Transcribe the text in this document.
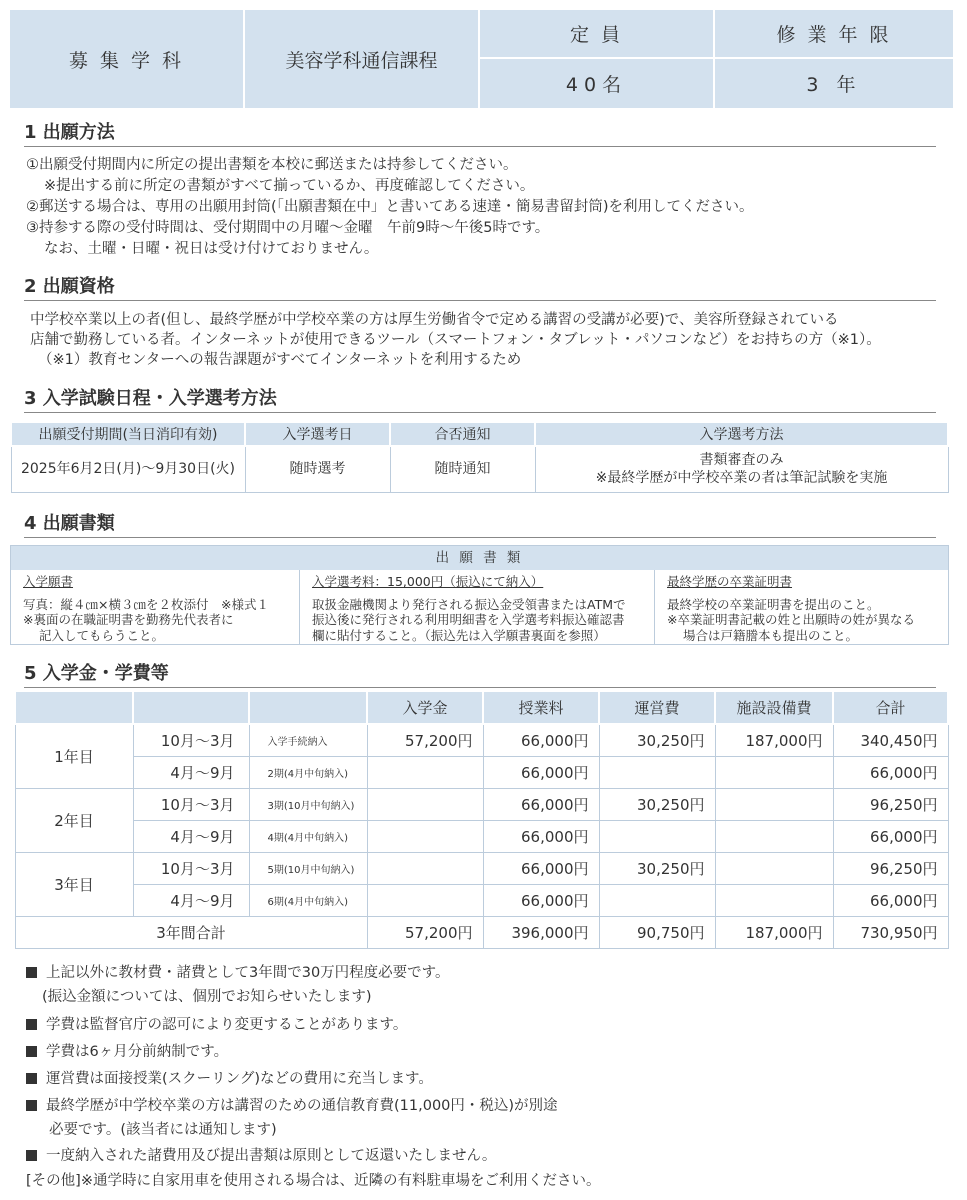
募 集 学 科	美容学科通信課程
定 員	修 業 年 限
40名	3 年
1 出願方法
①出願受付期間内に所定の提出書類を本校に郵送または持参してください。
※提出する前に所定の書類がすべて揃っているか、再度確認してください。
②郵送する場合は、専用の出願用封筒(「出願書類在中」と書いてある速達・簡易書留封筒)を利用してください。
③持参する際の受付時間は、受付期間中の月曜～金曜　午前9時～午後5時です。
なお、土曜・日曜・祝日は受け付けておりません。
2 出願資格
中学校卒業以上の者(但し、最終学歴が中学校卒業の方は厚生労働省令で定める講習の受講が必要)で、美容所登録されている
店舗で勤務している者。インターネットが使用できるツール（スマートフォン・タブレット・パソコンなど）をお持ちの方（※1）。
（※1）教育センターへの報告課題がすべてインターネットを利用するため
3 入学試験日程・入学選考方法
出願受付期間(当日消印有効)	入学選考日	合否通知	入学選考方法
2025年6月2日(月)～9月30日(火)	随時選考	随時通知	書類審査のみ
※最終学歴が中学校卒業の者は筆記試験を実施
4 出願書類
出 願 書 類
入学願書
写真：縦４㎝×横３㎝を２枚添付　※様式１
※裏面の在職証明書を勤務先代表者に

記入してもらうこと。
入学選考料：15,000円（振込にて納入）
取扱金融機関より発行される振込金受領書またはATMで
振込後に発行される利用明細書を入学選考料振込確認書
欄に貼付すること。（振込先は入学願書裏面を参照）
最終学歴の卒業証明書
最終学校の卒業証明書を提出のこと。
※卒業証明書記載の姓と出願時の姓が異なる

場合は戸籍謄本も提出のこと。
5 入学金・学費等
			入学金	授業料	運営費	施設設備費	合計
1年目	10月～3月	入学手続納入	57,200円	66,000円	30,250円	187,000円	340,450円
	4月～9月	2期(4月中旬納入)		66,000円			66,000円
2年目	10月～3月	3期(10月中旬納入)		66,000円	30,250円		96,250円
	4月～9月	4期(4月中旬納入)		66,000円			66,000円
3年目	10月～3月	5期(10月中旬納入)		66,000円	30,250円		96,250円
	4月～9月	6期(4月中旬納入)		66,000円			66,000円
3年間合計			57,200円	396,000円	90,750円	187,000円	730,950円
上記以外に教材費・諸費として3年間で30万円程度必要です。
(振込金額については、個別でお知らせいたします)
学費は監督官庁の認可により変更することがあります。
学費は6ヶ月分前納制です。
運営費は面接授業(スクーリング)などの費用に充当します。
最終学歴が中学校卒業の方は講習のための通信教育費(11,000円・税込)が別途
必要です。(該当者には通知します)
一度納入された諸費用及び提出書類は原則として返還いたしません。
[その他]※通学時に自家用車を使用される場合は、近隣の有料駐車場をご利用ください。
